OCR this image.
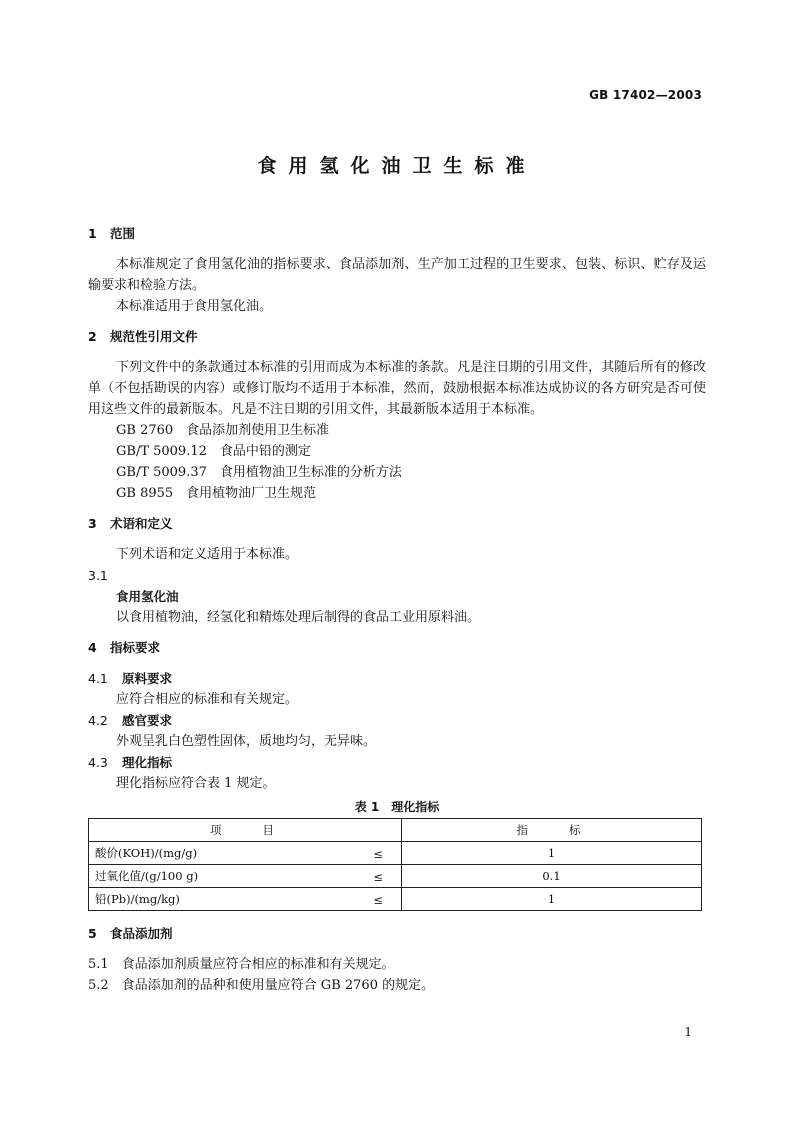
GB 17402—2003
食用氢化油卫生标准
1 范围

本标准规定了食用氢化油的指标要求、食品添加剂、生产加工过程的卫生要求、包装、标识、贮存及运输要求和检验方法。

本标准适用于食用氢化油。

2 规范性引用文件

下列文件中的条款通过本标准的引用而成为本标准的条款。凡是注日期的引用文件，其随后所有的修改单（不包括勘误的内容）或修订版均不适用于本标准，然而，鼓励根据本标准达成协议的各方研究是否可使用这些文件的最新版本。凡是不注日期的引用文件，其最新版本适用于本标准。

GB 2760　食品添加剂使用卫生标准
GB/T 5009.12　食品中铅的测定
GB/T 5009.37　食用植物油卫生标准的分析方法
GB 8955　食用植物油厂卫生规范
3 术语和定义

下列术语和定义适用于本标准。

3.1
食用氢化油
以食用植物油，经氢化和精炼处理后制得的食品工业用原料油。
4 指标要求
4.1 原料要求
应符合相应的标准和有关规定。
4.2 感官要求
外观呈乳白色塑性固体，质地均匀，无异味。
4.3 理化指标
理化指标应符合表 1 规定。
表 1　理化指标
项　　目	指　　标
酸价(KOH)/(mg/g) ≤	1
过氧化值/(g/100 g) ≤	0.1
铅(Pb)/(mg/kg) ≤	1
5 食品添加剂
5.1　食品添加剂质量应符合相应的标准和有关规定。
5.2　食品添加剂的品种和使用量应符合 GB 2760 的规定。
1
